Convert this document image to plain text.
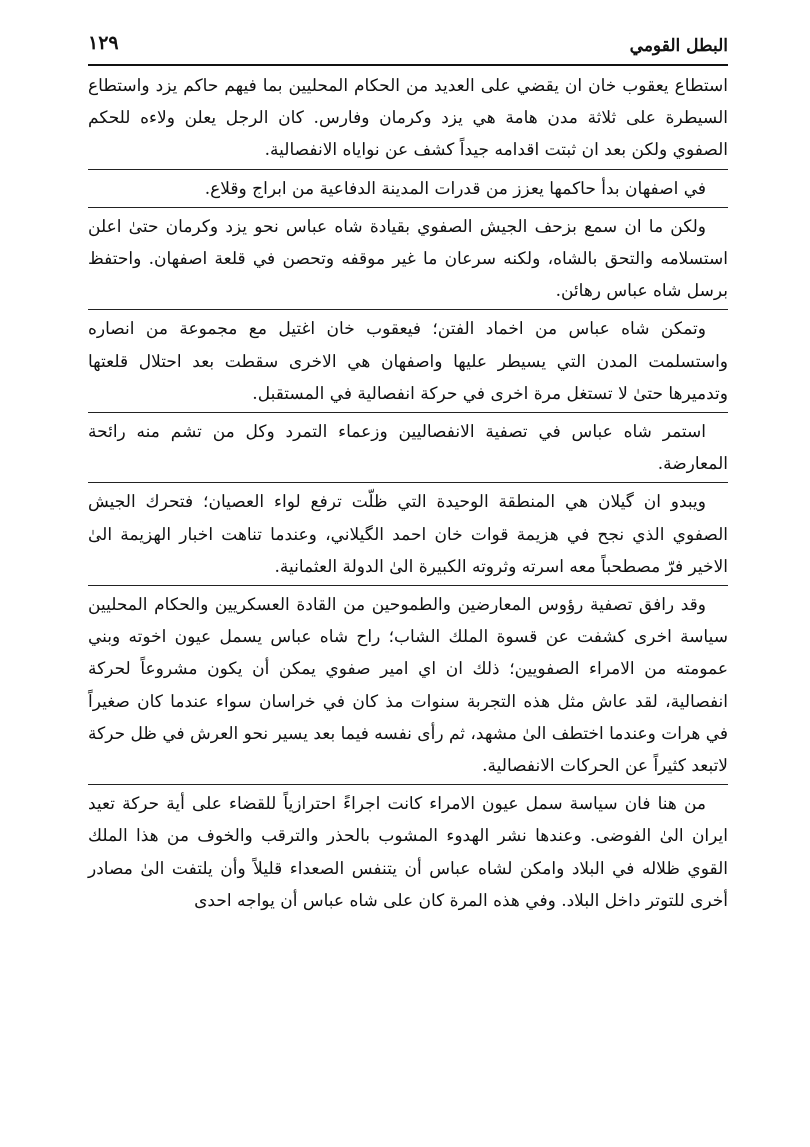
البطل القومي
١٢٩

استطاع يعقوب خان ان يقضي على العديد من الحكام المحليين بما فيهم حاكم يزد واستطاع السيطرة على ثلاثة مدن هامة هي يزد وكرمان وفارس. كان الرجل يعلن ولاءه للحكم الصفوي ولكن بعد ان ثبتت اقدامه جيداً كشف عن نواياه الانفصالية.

في اصفهان بدأ حاكمها يعزز من قدرات المدينة الدفاعية من ابراج وقلاع.

ولكن ما ان سمع بزحف الجيش الصفوي بقيادة شاه عباس نحو يزد وكرمان حتىٰ اعلن استسلامه والتحق بالشاه، ولكنه سرعان ما غير موقفه وتحصن في قلعة اصفهان. واحتفظ برسل شاه عباس رهائن.

وتمكن شاه عباس من اخماد الفتن؛ فيعقوب خان اغتيل مع مجموعة من انصاره واستسلمت المدن التي يسيطر عليها واصفهان هي الاخرى سقطت بعد احتلال قلعتها وتدميرها حتىٰ لا تستغل مرة اخرى في حركة انفصالية في المستقبل.

استمر شاه عباس في تصفية الانفصاليين وزعماء التمرد وكل من تشم منه رائحة المعارضة.

ويبدو ان گيلان هي المنطقة الوحيدة التي ظلّت ترفع لواء العصيان؛ فتحرك الجيش الصفوي الذي نجح في هزيمة قوات خان احمد الگيلاني، وعندما تناهت اخبار الهزيمة الىٰ الاخير فرّ مصطحباً معه اسرته وثروته الكبيرة الىٰ الدولة العثمانية.

وقد رافق تصفية رؤوس المعارضين والطموحين من القادة العسكريين والحكام المحليين سياسة اخرى كشفت عن قسوة الملك الشاب؛ راح شاه عباس يسمل عيون اخوته وبني عمومته من الامراء الصفويين؛ ذلك ان اي امير صفوي يمكن أن يكون مشروعاً لحركة انفصالية، لقد عاش مثل هذه التجربة سنوات مذ كان في خراسان سواء عندما كان صغيراً في هرات وعندما اختطف الىٰ مشهد، ثم رأى نفسه فيما بعد يسير نحو العرش في ظل حركة لاتبعد كثيراً عن الحركات الانفصالية.

من هنا فان سياسة سمل عيون الامراء كانت اجراءً احترازياً للقضاء على أية حركة تعيد ايران الىٰ الفوضى. وعندها نشر الهدوء المشوب بالحذر والترقب والخوف من هذا الملك القوي ظلاله في البلاد وامكن لشاه عباس أن يتنفس الصعداء قليلاً وأن يلتفت الىٰ مصادر أخرى للتوتر داخل البلاد. وفي هذه المرة كان على شاه عباس أن يواجه احدى
